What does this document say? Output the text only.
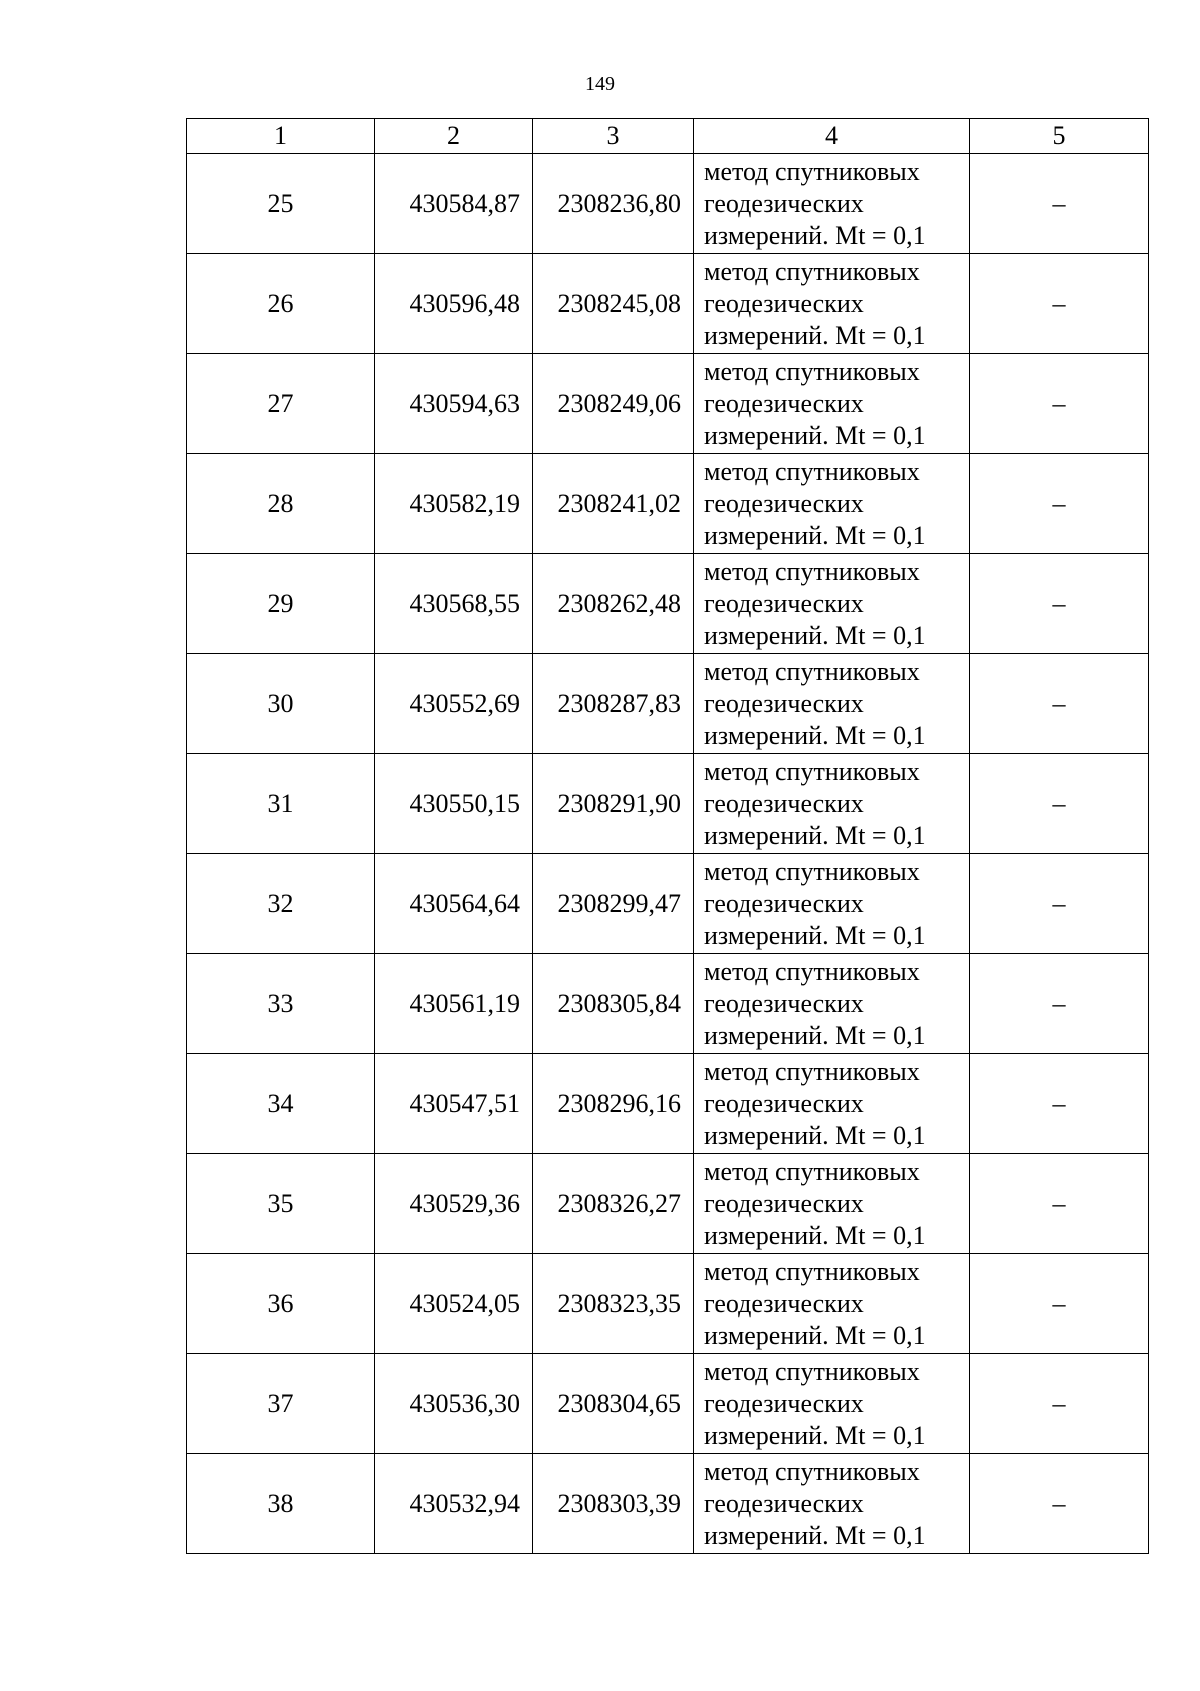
149
1	2	3	4	5
25	430584,87	2308236,80	метод спутниковых
геодезических
измерений. Mt = 0,1	–
26	430596,48	2308245,08	метод спутниковых
геодезических
измерений. Mt = 0,1	–
27	430594,63	2308249,06	метод спутниковых
геодезических
измерений. Mt = 0,1	–
28	430582,19	2308241,02	метод спутниковых
геодезических
измерений. Mt = 0,1	–
29	430568,55	2308262,48	метод спутниковых
геодезических
измерений. Mt = 0,1	–
30	430552,69	2308287,83	метод спутниковых
геодезических
измерений. Mt = 0,1	–
31	430550,15	2308291,90	метод спутниковых
геодезических
измерений. Mt = 0,1	–
32	430564,64	2308299,47	метод спутниковых
геодезических
измерений. Mt = 0,1	–
33	430561,19	2308305,84	метод спутниковых
геодезических
измерений. Mt = 0,1	–
34	430547,51	2308296,16	метод спутниковых
геодезических
измерений. Mt = 0,1	–
35	430529,36	2308326,27	метод спутниковых
геодезических
измерений. Mt = 0,1	–
36	430524,05	2308323,35	метод спутниковых
геодезических
измерений. Mt = 0,1	–
37	430536,30	2308304,65	метод спутниковых
геодезических
измерений. Mt = 0,1	–
38	430532,94	2308303,39	метод спутниковых
геодезических
измерений. Mt = 0,1	–
